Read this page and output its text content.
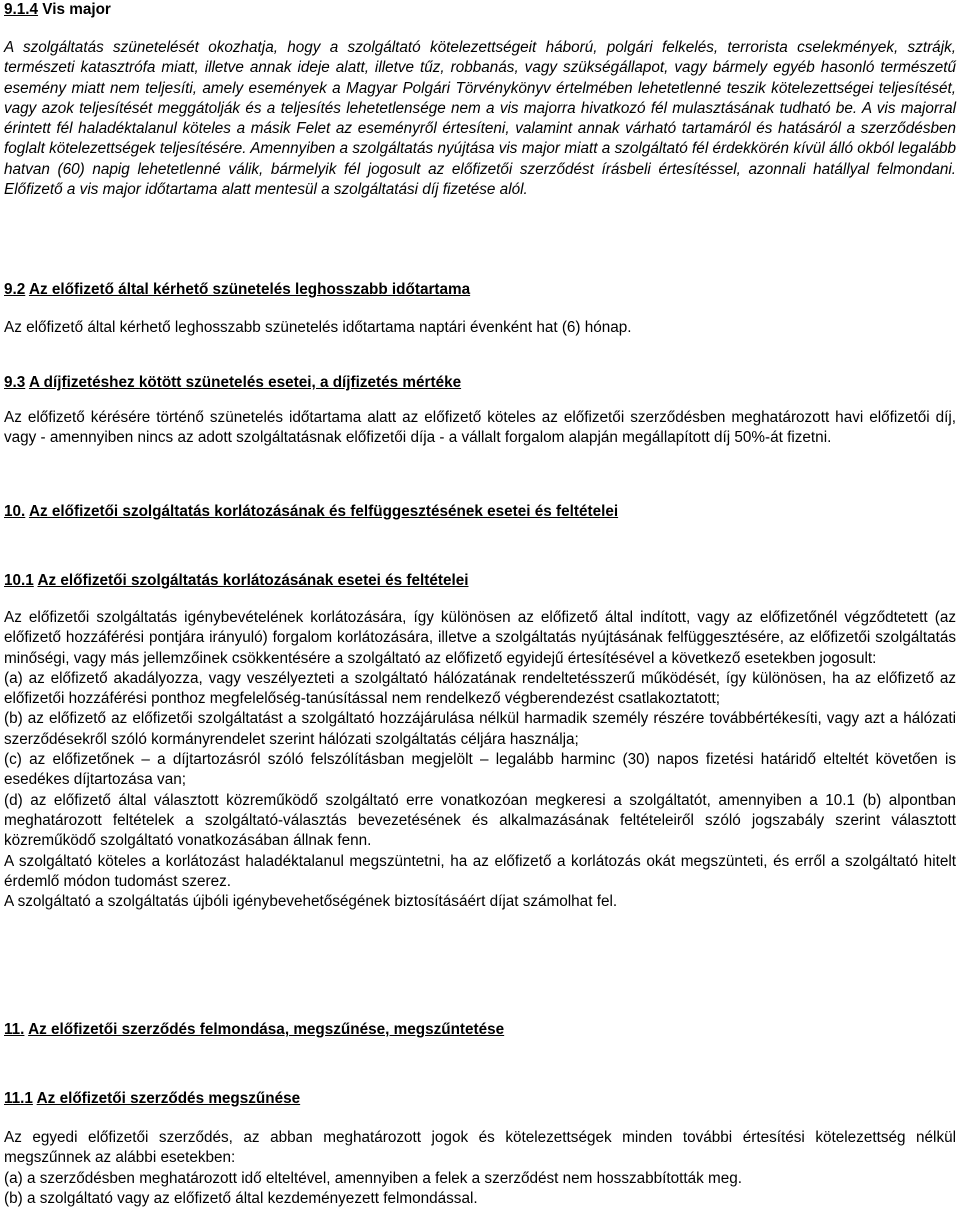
9.1.4 Vis major

A szolgáltatás szünetelését okozhatja, hogy a szolgáltató kötelezettségeit háború, polgári felkelés, terrorista cselekmények, sztrájk, természeti katasztrófa miatt, illetve annak ideje alatt, illetve tűz, robbanás, vagy szükségállapot, vagy bármely egyéb hasonló természetű esemény miatt nem teljesíti, amely események a Magyar Polgári Törvénykönyv értelmében lehetetlenné teszik kötelezettségei teljesítését, vagy azok teljesítését meggátolják és a teljesítés lehetetlensége nem a vis majorra hivatkozó fél mulasztásának tudható be. A vis majorral érintett fél haladéktalanul köteles a másik Felet az eseményről értesíteni, valamint annak várható tartamáról és hatásáról a szerződésben foglalt kötelezettségek teljesítésére. Amennyiben a szolgáltatás nyújtása vis major miatt a szolgáltató fél érdekkörén kívül álló okból legalább hatvan (60) napig lehetetlenné válik, bármelyik fél jogosult az előfizetői szerződést írásbeli értesítéssel, azonnali hatállyal felmondani. Előfizető a vis major időtartama alatt mentesül a szolgáltatási díj fizetése alól.

9.2 Az előfizető által kérhető szünetelés leghosszabb időtartama

Az előfizető által kérhető leghosszabb szünetelés időtartama naptári évenként hat (6) hónap.

9.3 A díjfizetéshez kötött szünetelés esetei, a díjfizetés mértéke

Az előfizető kérésére történő szünetelés időtartama alatt az előfizető köteles az előfizetői szerződésben meghatározott havi előfizetői díj, vagy - amennyiben nincs az adott szolgáltatásnak előfizetői díja - a vállalt forgalom alapján megállapított díj 50%-át fizetni.

10. Az előfizetői szolgáltatás korlátozásának és felfüggesztésének esetei és feltételei

10.1 Az előfizetői szolgáltatás korlátozásának esetei és feltételei

Az előfizetői szolgáltatás igénybevételének korlátozására, így különösen az előfizető által indított, vagy az előfizetőnél végződtetett (az előfizető hozzáférési pontjára irányuló) forgalom korlátozására, illetve a szolgáltatás nyújtásának felfüggesztésére, az előfizetői szolgáltatás minőségi, vagy más jellemzőinek csökkentésére a szolgáltató az előfizető egyidejű értesítésével a következő esetekben jogosult:

(a) az előfizető akadályozza, vagy veszélyezteti a szolgáltató hálózatának rendeltetésszerű működését, így különösen, ha az előfizető az előfizetői hozzáférési ponthoz megfelelőség-tanúsítással nem rendelkező végberendezést csatlakoztatott;

(b) az előfizető az előfizetői szolgáltatást a szolgáltató hozzájárulása nélkül harmadik személy részére továbbértékesíti, vagy azt a hálózati szerződésekről szóló kormányrendelet szerint hálózati szolgáltatás céljára használja;

(c) az előfizetőnek – a díjtartozásról szóló felszólításban megjelölt – legalább harminc (30) napos fizetési határidő elteltét követően is esedékes díjtartozása van;

(d) az előfizető által választott közreműködő szolgáltató erre vonatkozóan megkeresi a szolgáltatót, amennyiben a 10.1 (b) alpontban meghatározott feltételek a szolgáltató-választás bevezetésének és alkalmazásának feltételeiről szóló jogszabály szerint választott közreműködő szolgáltató vonatkozásában állnak fenn.

A szolgáltató köteles a korlátozást haladéktalanul megszüntetni, ha az előfizető a korlátozás okát megszünteti, és erről a szolgáltató hitelt érdemlő módon tudomást szerez.

A szolgáltató a szolgáltatás újbóli igénybevehetőségének biztosításáért díjat számolhat fel.

11. Az előfizetői szerződés felmondása, megszűnése, megszűntetése

11.1 Az előfizetői szerződés megszűnése

Az egyedi előfizetői szerződés, az abban meghatározott jogok és kötelezettségek minden további értesítési kötelezettség nélkül megszűnnek az alábbi esetekben:

(a) a szerződésben meghatározott idő elteltével, amennyiben a felek a szerződést nem hosszabbították meg.

(b) a szolgáltató vagy az előfizető által kezdeményezett felmondással.
